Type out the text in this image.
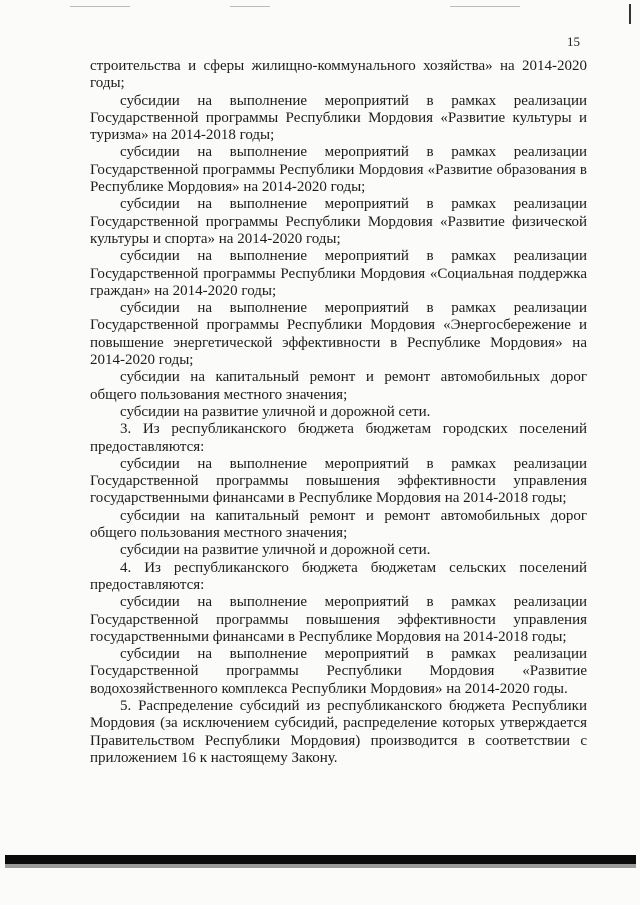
15

строительства и сферы жилищно-коммунального хозяйства» на 2014-2020 годы;

субсидии на выполнение мероприятий в рамках реализации Государственной программы Республики Мордовия «Развитие культуры и туризма» на 2014-2018 годы;

субсидии на выполнение мероприятий в рамках реализации Государственной программы Республики Мордовия «Развитие образования в Республике Мордовия» на 2014-2020 годы;

субсидии на выполнение мероприятий в рамках реализации Государственной программы Республики Мордовия «Развитие физической культуры и спорта» на 2014-2020 годы;

субсидии на выполнение мероприятий в рамках реализации Государственной программы Республики Мордовия «Социальная поддержка граждан» на 2014-2020 годы;

субсидии на выполнение мероприятий в рамках реализации Государственной программы Республики Мордовия «Энергосбережение и повышение энергетической эффективности в Республике Мордовия» на 2014-2020 годы;

субсидии на капитальный ремонт и ремонт автомобильных дорог общего пользования местного значения;

субсидии на развитие уличной и дорожной сети.

3. Из республиканского бюджета бюджетам городских поселений предоставляются:

субсидии на выполнение мероприятий в рамках реализации Государственной программы повышения эффективности управления государственными финансами в Республике Мордовия на 2014-2018 годы;

субсидии на капитальный ремонт и ремонт автомобильных дорог общего пользования местного значения;

субсидии на развитие уличной и дорожной сети.

4. Из республиканского бюджета бюджетам сельских поселений предоставляются:

субсидии на выполнение мероприятий в рамках реализации Государственной программы повышения эффективности управления государственными финансами в Республике Мордовия на 2014-2018 годы;

субсидии на выполнение мероприятий в рамках реализации Государственной программы Республики Мордовия «Развитие водохозяйственного комплекса Республики Мордовия» на 2014-2020 годы.

5. Распределение субсидий из республиканского бюджета Республики Мордовия (за исключением субсидий, распределение которых утверждается Правительством Республики Мордовия) производится в соответствии с приложением 16 к настоящему Закону.
